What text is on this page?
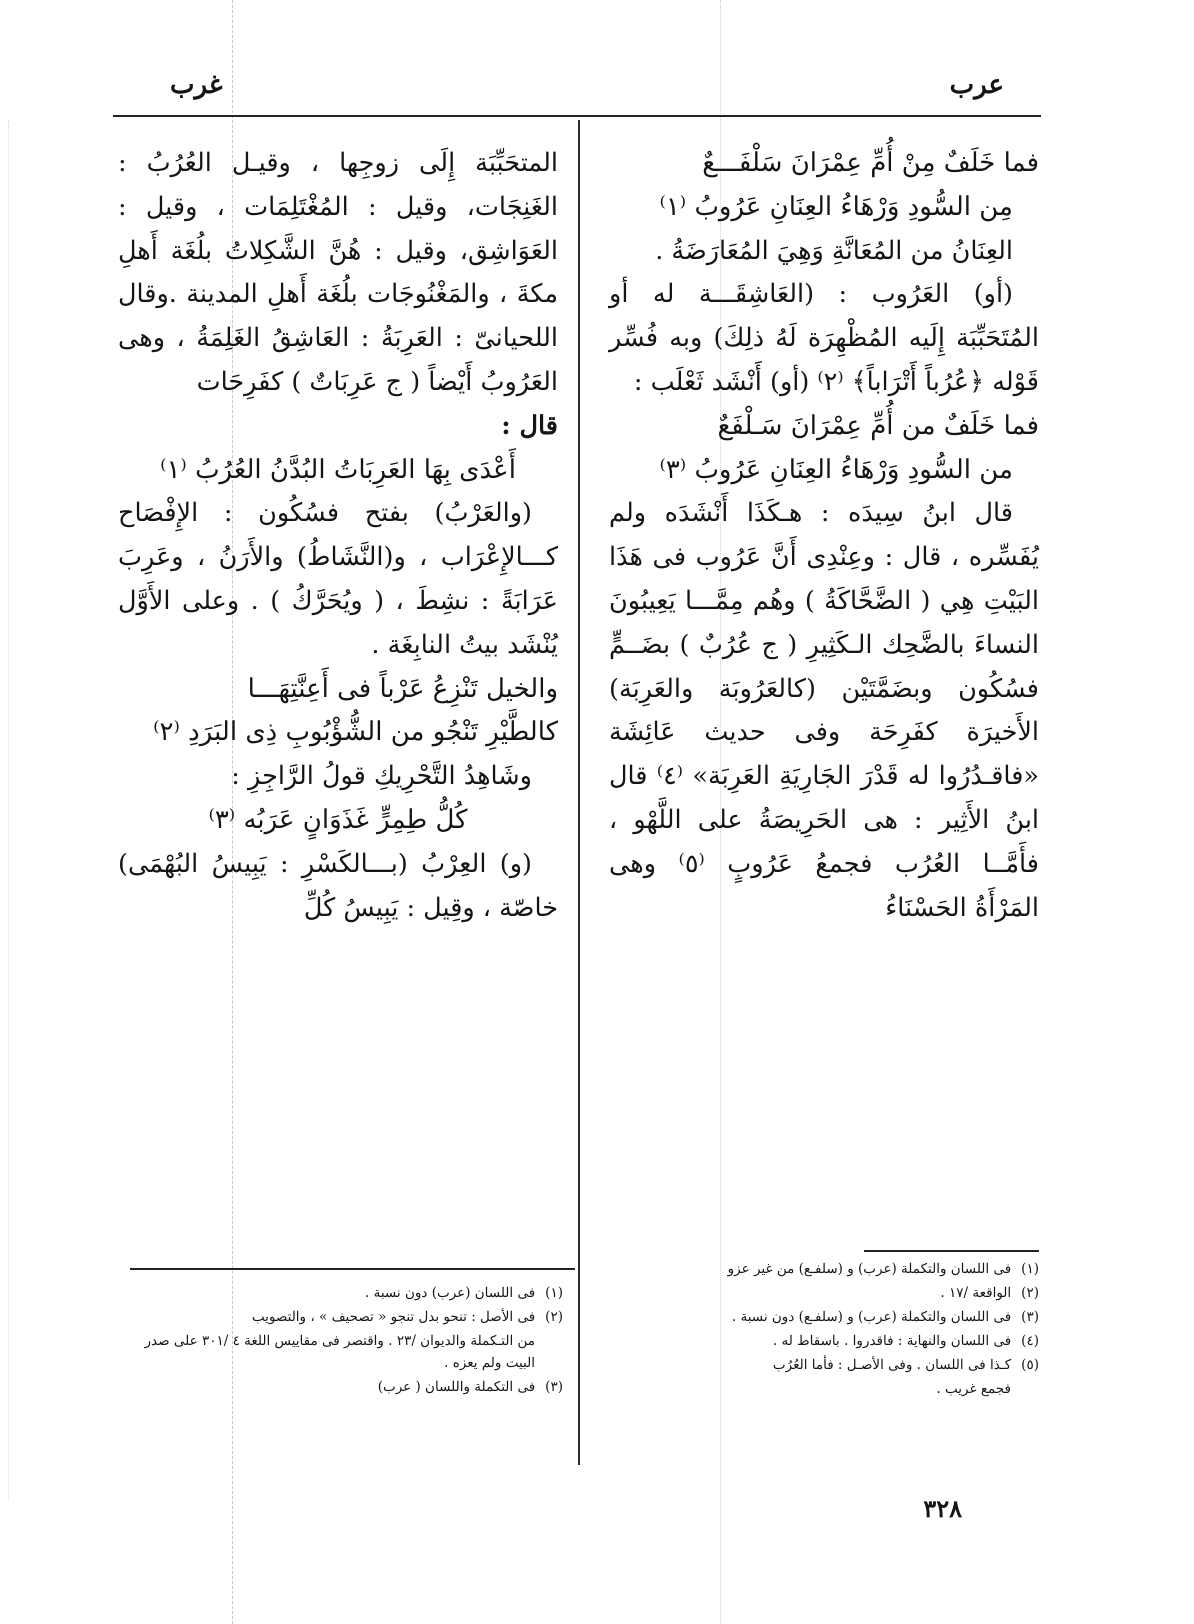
عرب
غرب

فما خَلَفٌ مِنْ أُمِّ عِمْرَانَ سَلْفَـــعٌ

مِن السُّودِ وَرْهَاءُ العِنَانِ عَرُوبُ ⁽١⁾

العِنَانُ من المُعَانَّةِ وَهِيَ المُعَارَضَةُ .

(أو) العَرُوب : (العَاشِقَـــة له أو المُتَحَبِّبَة إِلَيه المُظْهِرَة لَهُ ذلِكَ) وبه فُسِّر قَوْله ﴿عُرُباً أَتْرَاباً﴾ ⁽٢⁾ (أو) أَنْشَد ثَعْلَب :

فما خَلَفٌ من أُمِّ عِمْرَانَ سَـلْفَعٌ

من السُّودِ وَرْهَاءُ العِنَانِ عَرُوبُ ⁽٣⁾

قال ابنُ سِيدَه : هـكَذَا أَنْشَدَه ولم يُفَسِّره ، قال : وعِنْدِى أَنَّ عَرُوب فى هَذَا البَيْتِ هِي ( الضَّحَّاكَةُ ) وهُم مِمَّـــا يَعِيبُونَ النساءَ بالضَّحِك الـكَثِيرِ ( ج عُرُبٌ ) بضَــمٍّ فسُكُون وبضَمَّتَيْن (كالعَرُوبَة والعَرِبَة) الأَخيرَة كفَرِحَة وفى حديث عَائِشَة «فاقـدُرُوا له قَدْرَ الجَارِيَةِ العَرِبَة» ⁽٤⁾ قال ابنُ الأَثِير : هى الحَرِيصَةُ على اللَّهْو ، فأَمَّــا العُرُب فجمعُ عَرُوبٍ ⁽٥⁾ وهى المَرْأَةُ الحَسْنَاءُ

المتحَبِّبَة إِلَى زوجِها ، وقيـل العُرُبُ : الغَنِجَات، وقيل : المُغْتَلِمَات ، وقيل : العَوَاشِق، وقيل : هُنَّ الشَّكِلاتُ بلُغَة أَهلِ مكةَ ، والمَغْنُوجَات بلُغَة أَهلِ المدينة .وقال اللحيانىّ : العَرِبَةُ : العَاشِقُ الغَلِمَةُ ، وهى العَرُوبُ أَيْضاً ( ج عَرِبَاتٌ ) كفَرِحَات

قال :

أَعْدَى بِهَا العَرِبَاتُ البُدَّنُ العُرُبُ ⁽١⁾

(والعَرْبُ) بفتح فسُكُون : الإِفْصَاح كـــالإِعْرَاب ، و(النَّشَاطُ) والأَرَنُ ، وعَرِبَ عَرَابَةً : نشِطَ ، ( ويُحَرَّكُ ) . وعلى الأَوَّل يُنْشَد بيتُ النابِغَة .

والخيل تَنْزِعُ عَرْباً فى أَعِنَّتِهَـــا

كالطَّيْرِ تَنْجُو من الشُّؤْبُوبِ ذِى البَرَدِ ⁽٢⁾

وشَاهِدُ التَّحْرِيكِ قولُ الرَّاجِزِ :

كُلُّ طِمِرٍّ غَذَوَانٍ عَرَبُه ⁽٣⁾

(و) العِرْبُ (بـــالكَسْرِ : يَبِيسُ البُهْمَى) خاصّة ، وقِيل : يَبِيسُ كُلِّ

(١)فى اللسان والتكملة (عرب) و (سلفـع) من غير عزو

(٢)الواقعة /١٧ .

(٣)فى اللسان والتكملة (عرب) و (سلفـع) دون نسبة .

(٤)فى اللسان والنهاية : فاقدروا . باسقاط له .

(٥)كـذا فى اللسان . وفى الأصـل : فأما العُرُب

فجمع غريب .

(١)فى اللسان (عرب) دون نسبة .

(٢)فى الأصل : تنحو بدل تنجو « تصحيف » ، والتصويب

من التـكملة والديوان /٢٣ . واقتصر فى مقاييس اللغة ٤ /٣٠١ على صدر البيت ولم يعزه .

(٣)فى التكملة واللسان ( عرب)

٣٢٨
